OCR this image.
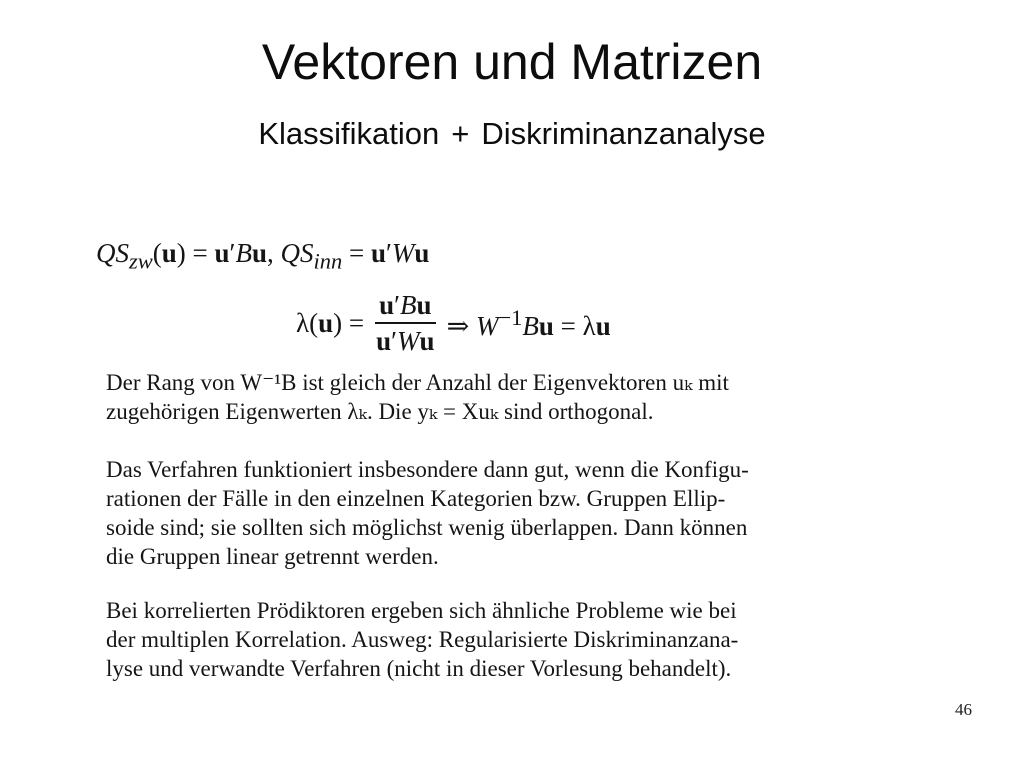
Vektoren und Matrizen
Klassifikation + Diskriminanzanalyse
$QS_{zw}(u) = u'Bu$, $QS_{inn} = u'Wu$
$\lambda(u) = \frac{u'Bu}{u'Wu}$ ⇒ $W^{-1}Bu = \lambda u$
Der Rang von W⁻¹B ist gleich der Anzahl der Eigenvektoren uₖ mit
zugehörigen Eigenwerten λₖ. Die yₖ = Xuₖ sind orthogonal.
Das Verfahren funktioniert insbesondere dann gut, wenn die Konfigu-
rationen der Fälle in den einzelnen Kategorien bzw. Gruppen Ellip-
soide sind; sie sollten sich möglichst wenig überlappen. Dann können
die Gruppen linear getrennt werden.
Bei korrelierten Prödiktoren ergeben sich ähnliche Probleme wie bei
der multiplen Korrelation. Ausweg: Regularisierte Diskriminanzana-
lyse und verwandte Verfahren (nicht in dieser Vorlesung behandelt).
46
